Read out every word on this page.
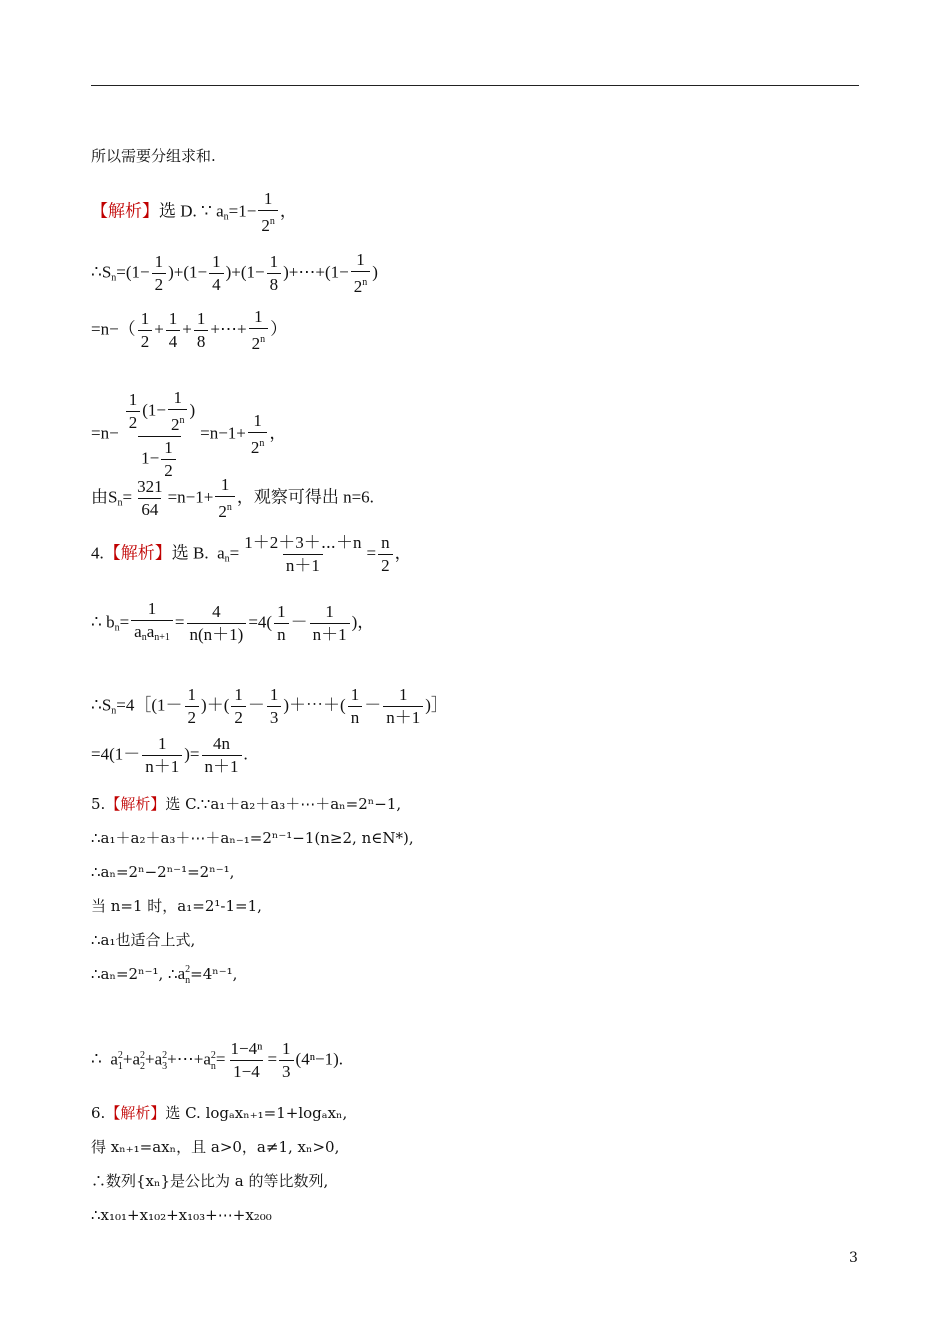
所以需要分组求和.
【解析】选 D. ∵ $a_n=1- \frac{1}{2^n}$ ，
$\therefore S_n=(1- \frac{1}{2} )+(1- \frac{1}{4} )+(1- \frac{1}{8}$ )+⋯+(1− $\frac{1}{2^n}$ )
$=n-( \frac{1}{2} + \frac{1}{4} + \frac{1}{8}$ +⋯+ $\frac{1}{2^n}$ ）
$=n- \frac{\frac{1}{2} (1- \frac{1}{2^n} )}{1- \frac{1}{2}} =n-1+ \frac{1}{2^n}$ ，
由$S_n= \frac{321}{64} =n-1+ \frac{1}{2^n}$ ，观察可得出 n=6.
4.【解析】选 B. $a_n= \frac{1+2+3+\cdots+n}{n+1} = \frac{n}{2}$ ，
∴ $b_n=$
1
$a_na_{n+1}$
= $\frac{4}{n(n+1)} =4( \frac{1}{n} - \frac{1}{n+1}$ )，
$\therefore S_n=4[(1- \frac{1}{2}$ )＋( $\frac{1}{2} - \frac{1}{3}$ )＋⋯＋( $\frac{1}{n} - \frac{1}{n+1}$ )］
$=4(1- \frac{1}{n+1}$ )= $\frac{4n}{n+1}$ .
5.【解析】选 C.∵a₁＋a₂＋a₃＋⋯＋aₙ=2ⁿ−1,
∴a₁＋a₂＋a₃＋⋯＋aₙ₋₁=2ⁿ⁻¹−1(n≥2, n∈N*),
∴aₙ=2ⁿ−2ⁿ⁻¹=2ⁿ⁻¹,
当 n=1 时，a₁=2¹-1=1,
∴a₁也适合上式,
∴aₙ=2ⁿ⁻¹, ∴a 2
n =4ⁿ⁻¹,
∴ a 2
1 +a 2
2 +a 2
3 +⋯+a 2
$n = \frac{\text{1−4ⁿ}}{1-4} = \frac{1}{3} (4^n-1)$.
6.【解析】选 C. logₐxₙ₊₁=1+logₐxₙ,
得 xₙ₊₁=axₙ，且 a>0，a≠1, xₙ>0,
∴数列{xₙ}是公比为 a 的等比数列,
∴x₁₀₁+x₁₀₂+x₁₀₃+⋯+x₂₀₀
3
